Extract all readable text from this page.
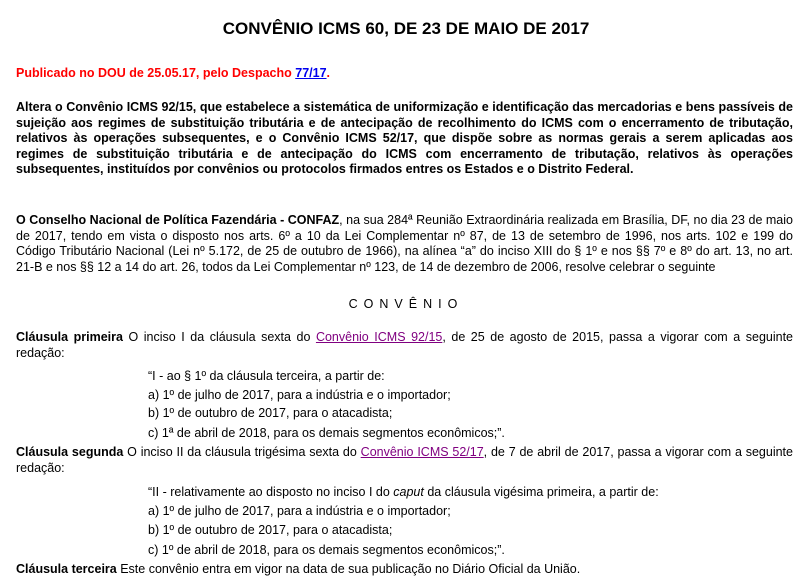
CONVÊNIO ICMS 60, DE 23 DE MAIO DE 2017
Publicado no DOU de 25.05.17, pelo Despacho 77/17.
Altera o Convênio ICMS 92/15, que estabelece a sistemática de uniformização e identificação das mercadorias e bens passíveis de sujeição aos regimes de substituição tributária e de antecipação de recolhimento do ICMS com o encerramento de tributação, relativos às operações subsequentes, e o Convênio ICMS 52/17, que dispõe sobre as normas gerais a serem aplicadas aos regimes de substituição tributária e de antecipação do ICMS com encerramento de tributação, relativos às operações subsequentes, instituídos por convênios ou protocolos firmados entres os Estados e o Distrito Federal.
O Conselho Nacional de Política Fazendária - CONFAZ, na sua 284ª Reunião Extraordinária realizada em Brasília, DF, no dia 23 de maio de 2017, tendo em vista o disposto nos arts. 6º a 10 da Lei Complementar nº 87, de 13 de setembro de 1996, nos arts. 102 e 199 do Código Tributário Nacional (Lei nº 5.172, de 25 de outubro de 1966), na alínea “a” do inciso XIII do § 1º e nos §§ 7º e 8º do art. 13, no art. 21-B e nos §§ 12 a 14 do art. 26, todos da Lei Complementar nº 123, de 14 de dezembro de 2006, resolve celebrar o seguinte
CONVÊNIO
Cláusula primeira O inciso I da cláusula sexta do Convênio ICMS 92/15, de 25 de agosto de 2015, passa a vigorar com a seguinte redação:
“I - ao § 1º da cláusula terceira, a partir de:
a) 1º de julho de 2017, para a indústria e o importador;
b) 1º de outubro de 2017, para o atacadista;
c) 1ª de abril de 2018, para os demais segmentos econômicos;”.
Cláusula segunda O inciso II da cláusula trigésima sexta do Convênio ICMS 52/17, de 7 de abril de 2017, passa a vigorar com a seguinte redação:
“II - relativamente ao disposto no inciso I do caput da cláusula vigésima primeira, a partir de:
a) 1º de julho de 2017, para a indústria e o importador;
b) 1º de outubro de 2017, para o atacadista;
c) 1º de abril de 2018, para os demais segmentos econômicos;”.
Cláusula terceira Este convênio entra em vigor na data de sua publicação no Diário Oficial da União.
